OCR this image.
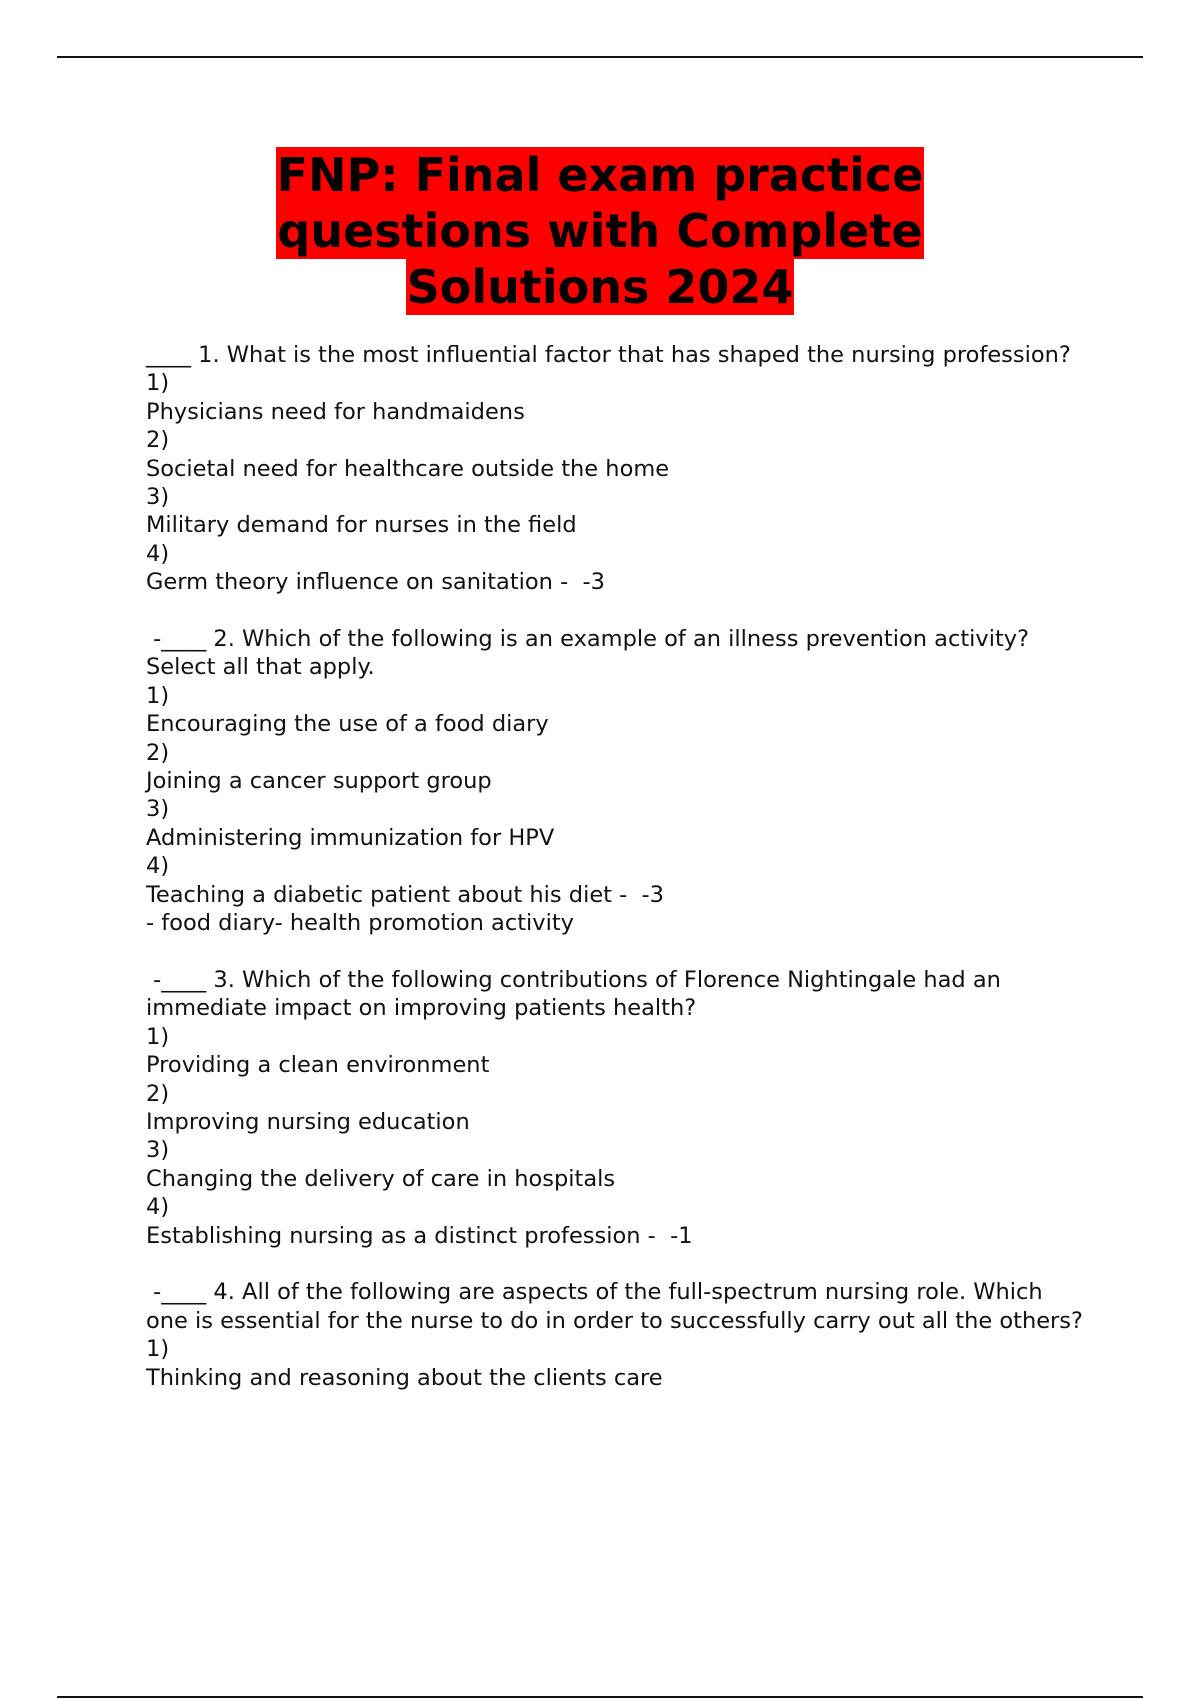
FNP: Final exam practice
questions with Complete
Solutions 2024
____ 1. What is the most influential factor that has shaped the nursing profession?
1)
Physicians need for handmaidens
2)
Societal need for healthcare outside the home
3)
Military demand for nurses in the field
4)
Germ theory influence on sanitation -  -3
-____ 2. Which of the following is an example of an illness prevention activity? Select all that apply.
1)
Encouraging the use of a food diary
2)
Joining a cancer support group
3)
Administering immunization for HPV
4)
Teaching a diabetic patient about his diet -  -3
- food diary- health promotion activity
-____ 3. Which of the following contributions of Florence Nightingale had an immediate impact on improving patients health?
1)
Providing a clean environment
2)
Improving nursing education
3)
Changing the delivery of care in hospitals
4)
Establishing nursing as a distinct profession -  -1
-____ 4. All of the following are aspects of the full-spectrum nursing role. Which one is essential for the nurse to do in order to successfully carry out all the others?
1)
Thinking and reasoning about the clients care
